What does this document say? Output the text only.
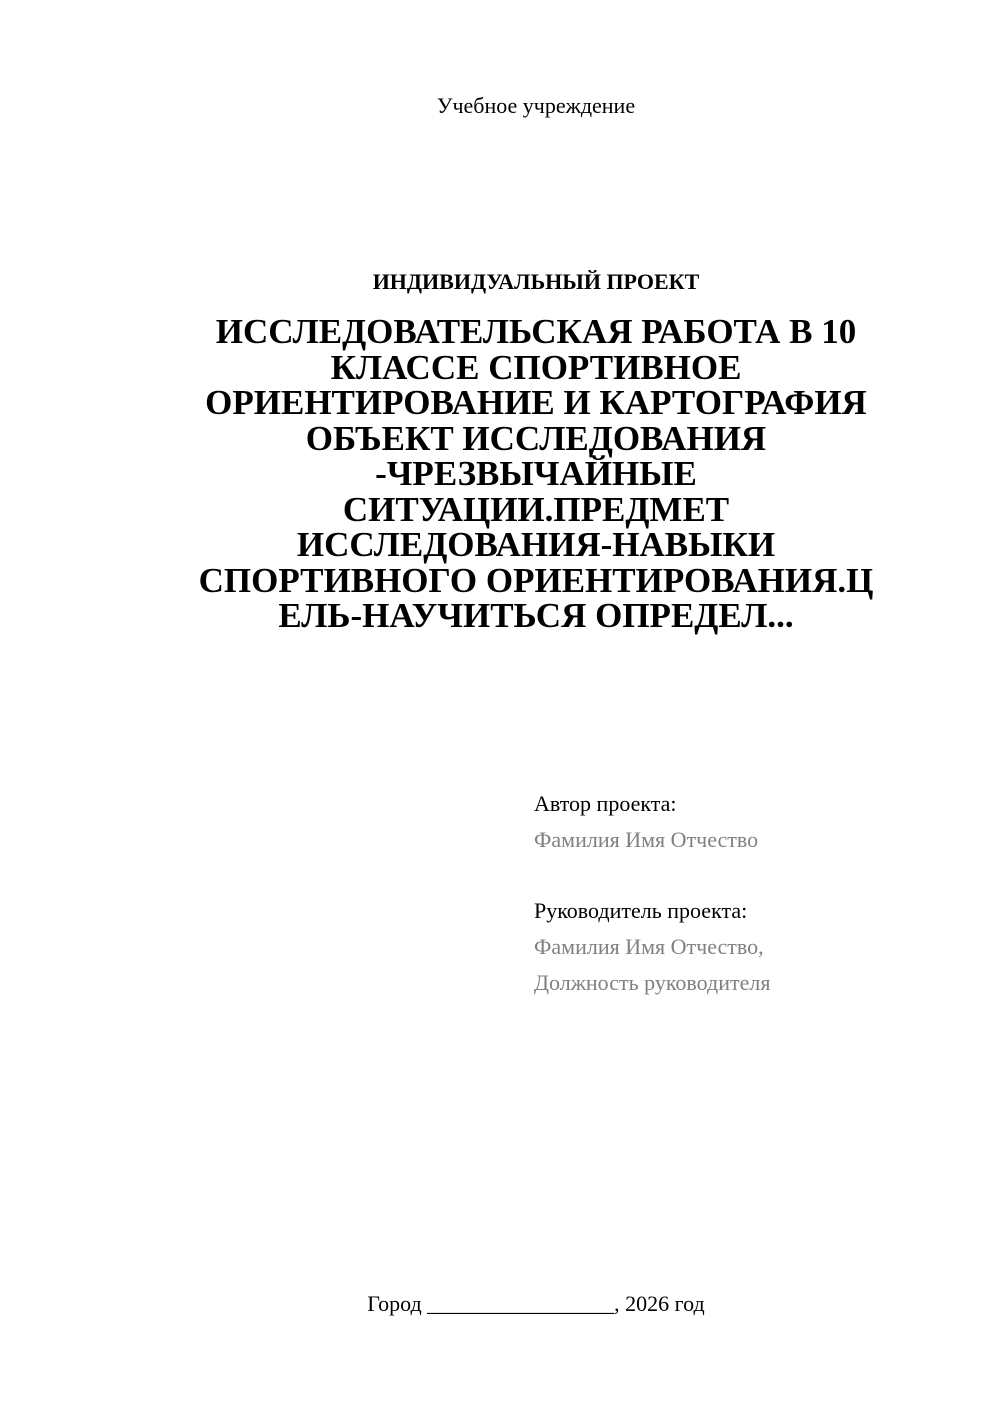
Учебное учреждение
ИНДИВИДУАЛЬНЫЙ ПРОЕКТ
ИССЛЕДОВАТЕЛЬСКАЯ РАБОТА В 10
КЛАССЕ СПОРТИВНОЕ
ОРИЕНТИРОВАНИЕ И КАРТОГРАФИЯ
ОБЪЕКТ ИССЛЕДОВАНИЯ
-ЧРЕЗВЫЧАЙНЫЕ
СИТУАЦИИ.ПРЕДМЕТ
ИССЛЕДОВАНИЯ-НАВЫКИ
СПОРТИВНОГО ОРИЕНТИРОВАНИЯ.Ц
ЕЛЬ-НАУЧИТЬСЯ ОПРЕДЕЛ...
Автор проекта:
Фамилия Имя Отчество
Руководитель проекта:
Фамилия Имя Отчество,
Должность руководителя
Город _________________, 2026 год
